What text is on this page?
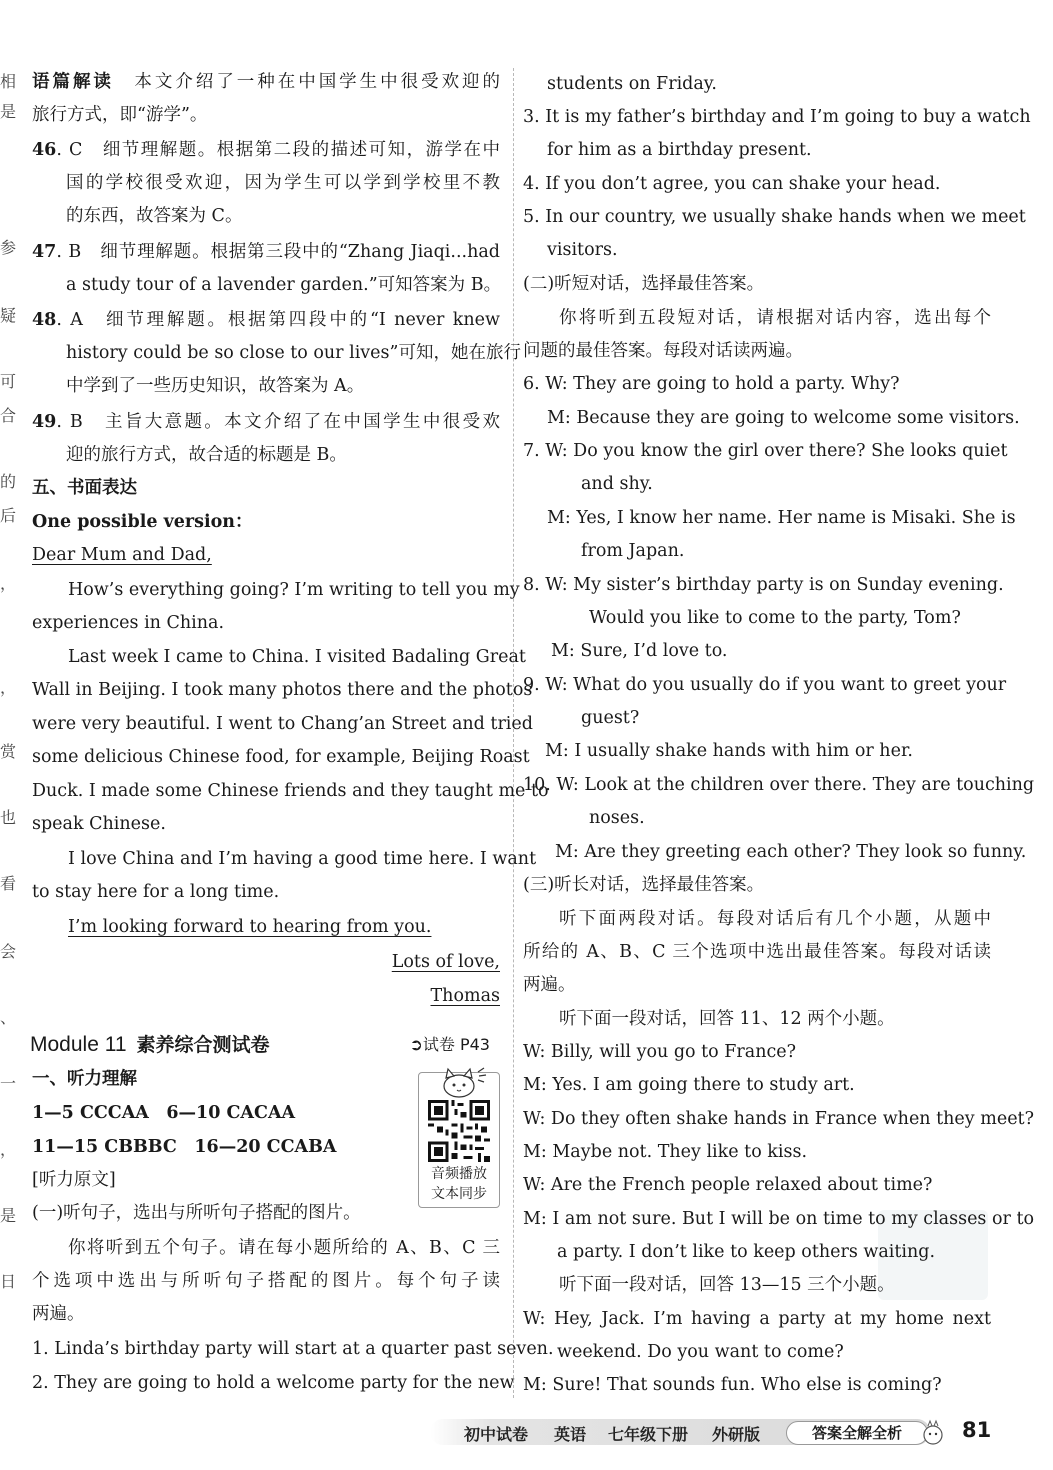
相
是
参
疑
可
合
的
后
，
，
赏
也
看
会
、
一
，
是
日
语篇解读　 本文介绍了一种在中国学生中很受欢迎的
旅行方式，即“游学”。
46. C　细节理解题。根据第二段的描述可知，游学在中
国的学校很受欢迎，因为学生可以学到学校里不教
的东西，故答案为 C。
47. B　细节理解题。根据第三段中的“Zhang Jiaqi...had
a study tour of a lavender garden.”可知答案为 B。
48. A　细节理解题。根据第四段中的“I never knew
history could be so close to our lives”可知，她在旅行
中学到了一些历史知识，故答案为 A。
49. B　主旨大意题。本文介绍了在中国学生中很受欢
迎的旅行方式，故合适的标题是 B。
五、书面表达
One possible version：
Dear Mum and Dad,
How’s everything going? I’m writing to tell you my
experiences in China.
Last week I came to China. I visited Badaling Great
Wall in Beijing. I took many photos there and the photos
were very beautiful. I went to Chang’an Street and tried
some delicious Chinese food, for example, Beijing Roast
Duck. I made some Chinese friends and they taught me to
speak Chinese.
I love China and I’m having a good time here. I want
to stay here for a long time.
I’m looking forward to hearing from you.
Lots of love,
Thomas
Module 11 素养综合测试卷	➲试卷 P43
一、听力理解
1—5 CCCAA　6—10 CACAA
11—15 CBBBC　16—20 CCABA
[听力原文]
(一)听句子，选出与所听句子搭配的图片。
你将听到五个句子。请在每小题所给的 A、B、C 三
个选项中选出与所听句子搭配的图片。每个句子读
两遍。
1. Linda’s birthday party will start at a quarter past seven.
2. They are going to hold a welcome party for the new
音频播放
文本同步
students on Friday.
3. It is my father’s birthday and I’m going to buy a watch
for him as a birthday present.
4. If you don’t agree, you can shake your head.
5. In our country, we usually shake hands when we meet
visitors.
(二)听短对话，选择最佳答案。
你将听到五段短对话，请根据对话内容，选出每个
问题的最佳答案。每段对话读两遍。
6. W: They are going to hold a party. Why?
M: Because they are going to welcome some visitors.
7. W: Do you know the girl over there? She looks quiet
and shy.
M: Yes, I know her name. Her name is Misaki. She is
from Japan.
8. W: My sister’s birthday party is on Sunday evening.
Would you like to come to the party, Tom?
M: Sure, I’d love to.
9. W: What do you usually do if you want to greet your
guest?
M: I usually shake hands with him or her.
10. W: Look at the children over there. They are touching
noses.
M: Are they greeting each other? They look so funny.
(三)听长对话，选择最佳答案。
听下面两段对话。每段对话后有几个小题，从题中
所给的 A、B、C 三个选项中选出最佳答案。每段对话读
两遍。
听下面一段对话，回答 11、12 两个小题。
W: Billy, will you go to France?
M: Yes. I am going there to study art.
W: Do they often shake hands in France when they meet?
M: Maybe not. They like to kiss.
W: Are the French people relaxed about time?
M: I am not sure. But I will be on time to my classes or to
a party. I don’t like to keep others waiting.
听下面一段对话，回答 13—15 三个小题。
W: Hey, Jack. I’m having a party at my home next
weekend. Do you want to come?
M: Sure! That sounds fun. Who else is coming?
初中试卷 英语 七年级下册 外研版	答案全解全析	81
